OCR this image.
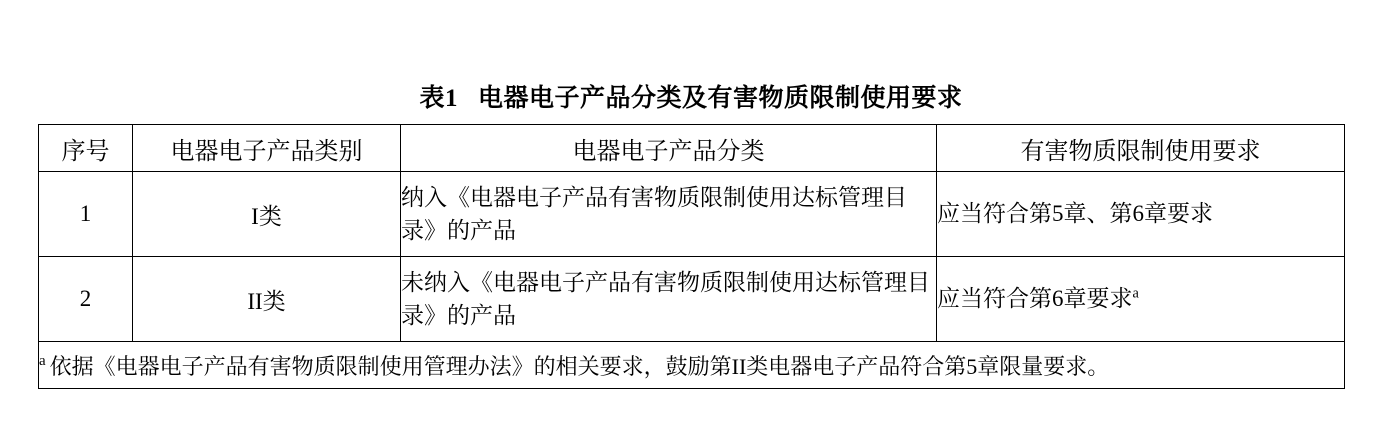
表1 电器电子产品分类及有害物质限制使用要求
序号	电器电子产品类别	电器电子产品分类	有害物质限制使用要求
1	I类	纳入《电器电子产品有害物质限制使用达标管理目录》的产品	应当符合第5章、第6章要求
2	II类	未纳入《电器电子产品有害物质限制使用达标管理目录》的产品	应当符合第6章要求$^a$
$^a$ 依据《电器电子产品有害物质限制使用管理办法》的相关要求，鼓励第II类电器电子产品符合第5章限量要求。			
